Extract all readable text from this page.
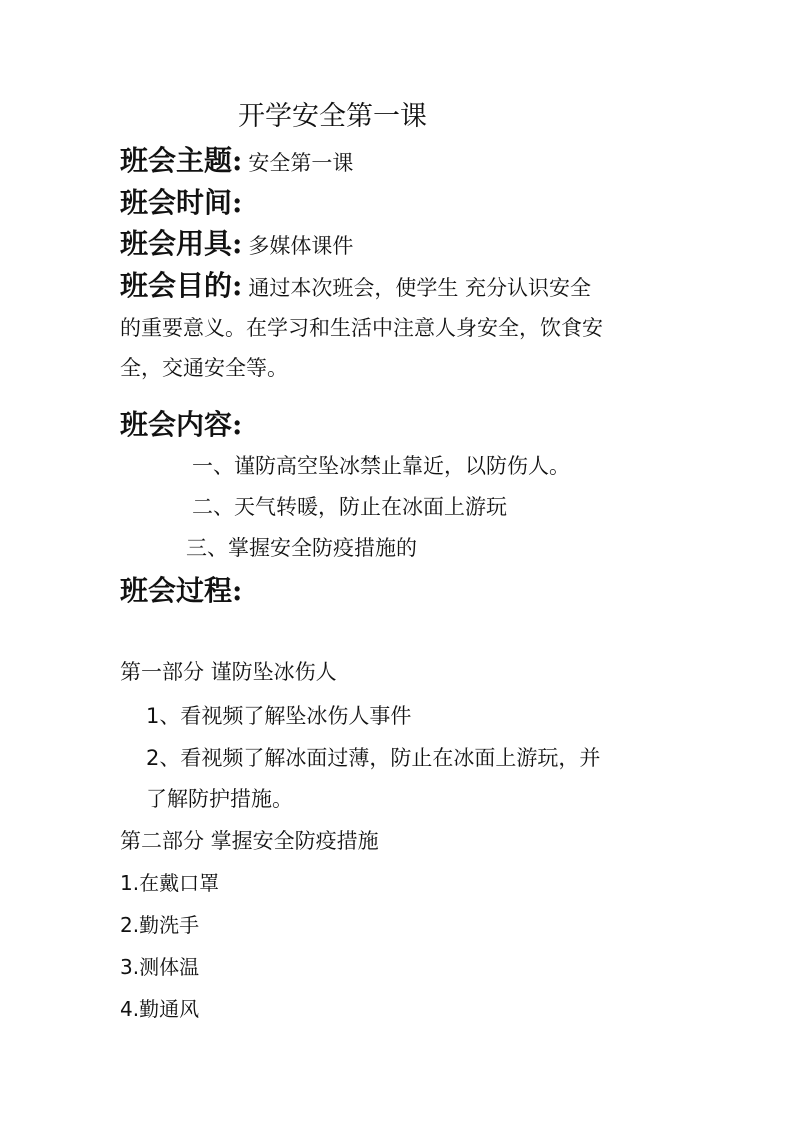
开学安全第一课
班会主题: 安全第一课
班会时间:
班会用具: 多媒体课件
班会目的: 通过本次班会，使学生 充分认识安全
的重要意义。在学习和生活中注意人身安全，饮食安
全，交通安全等。
班会内容:
一、谨防高空坠冰禁止靠近，以防伤人。
二、天气转暖，防止在冰面上游玩
三、掌握安全防疫措施的
班会过程:
第一部分 谨防坠冰伤人
1、看视频了解坠冰伤人事件
2、看视频了解冰面过薄，防止在冰面上游玩，并
了解防护措施。
第二部分 掌握安全防疫措施
1.在戴口罩
2.勤洗手
3.测体温
4.勤通风
